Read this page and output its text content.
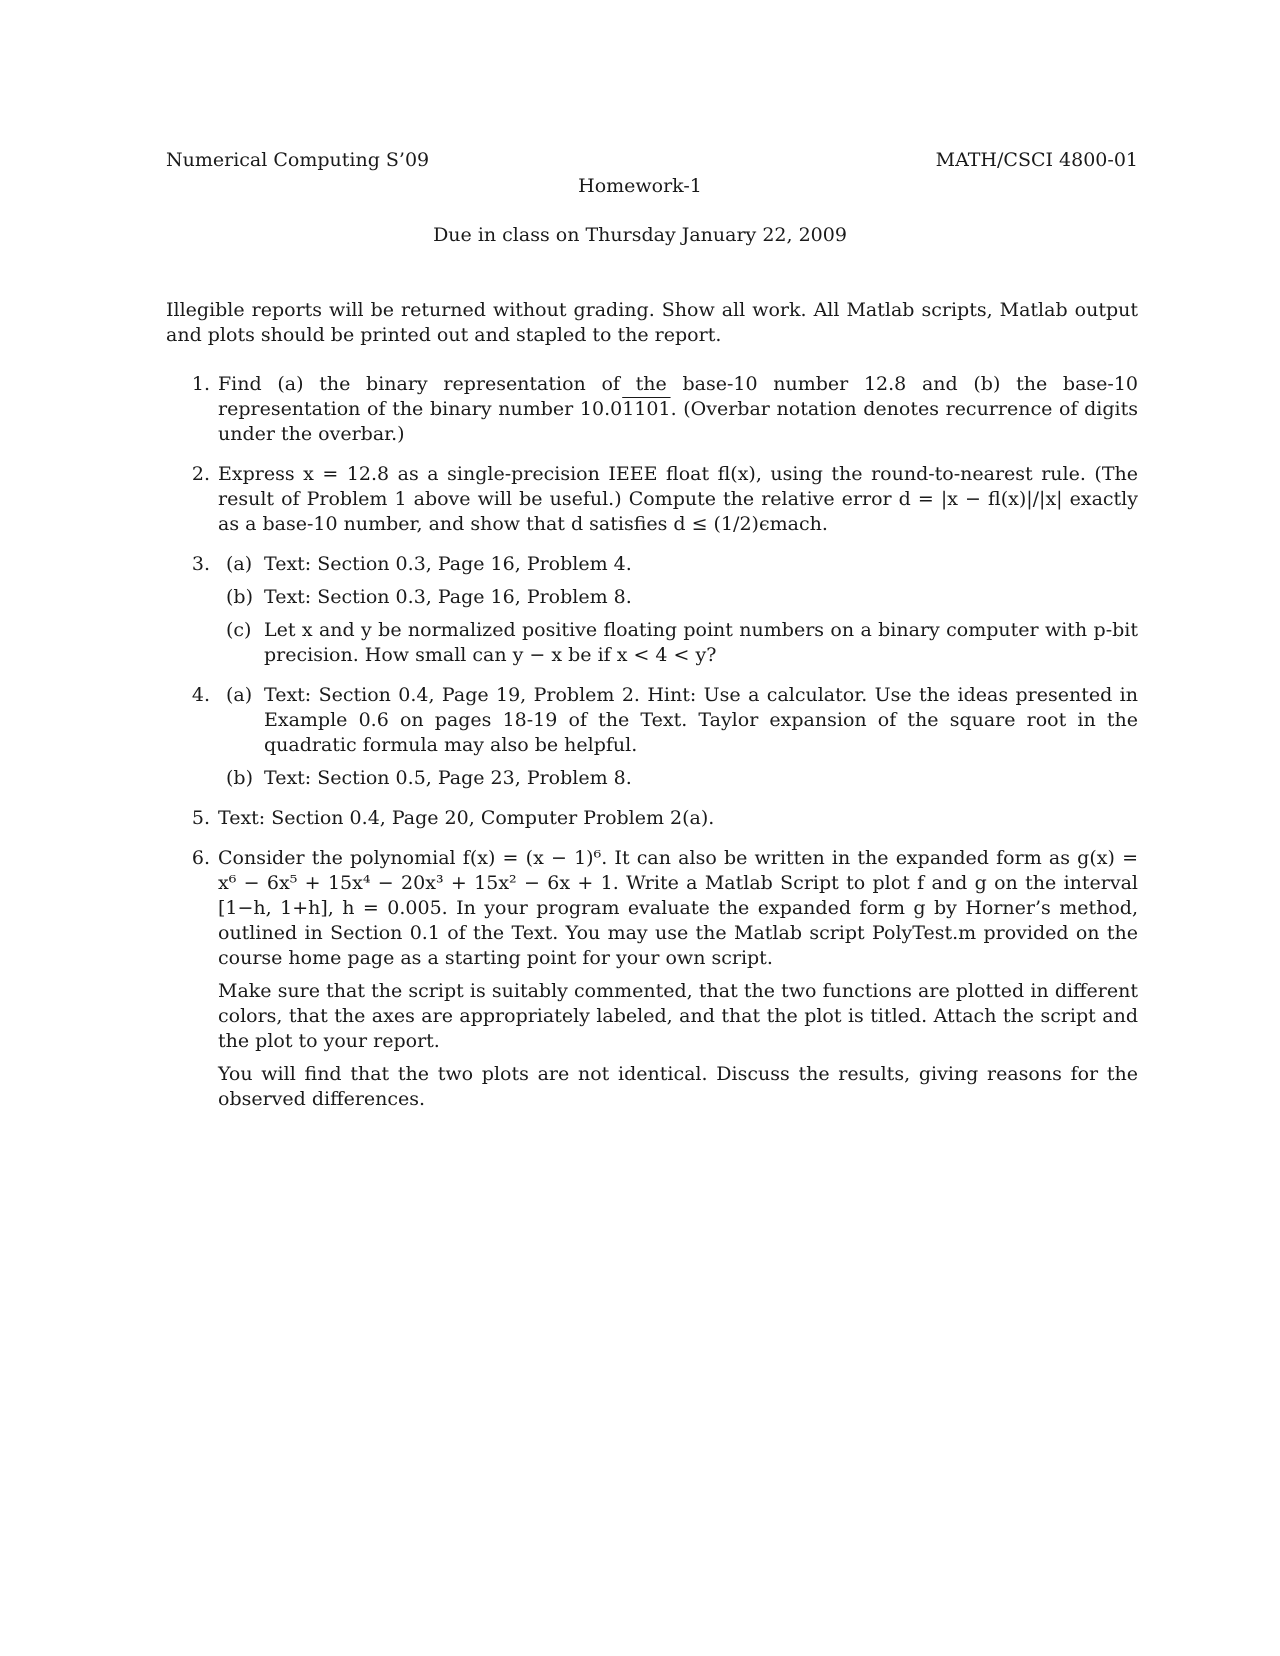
Numerical Computing S’09	MATH/CSCI 4800-01
Homework-1
Due in class on Thursday January 22, 2009
Illegible reports will be returned without grading. Show all work. All Matlab scripts, Matlab output and plots should be printed out and stapled to the report.
1. Find (a) the binary representation of the base-10 number 12.8 and (b) the base-10 representation of the binary number 10.01101. (Overbar notation denotes recurrence of digits under the overbar.)
2. Express x = 12.8 as a single-precision IEEE float fl(x), using the round-to-nearest rule. (The result of Problem 1 above will be useful.) Compute the relative error d = |x − fl(x)|/|x| exactly as a base-10 number, and show that d satisfies d ≤ (1/2)ϵmach.
3. (a) Text: Section 0.3, Page 16, Problem 4.
(b) Text: Section 0.3, Page 16, Problem 8.
(c) Let x and y be normalized positive floating point numbers on a binary computer with p-bit precision. How small can y − x be if x < 4 < y?
4. (a) Text: Section 0.4, Page 19, Problem 2. Hint: Use a calculator. Use the ideas presented in Example 0.6 on pages 18-19 of the Text. Taylor expansion of the square root in the quadratic formula may also be helpful.
(b) Text: Section 0.5, Page 23, Problem 8.
5. Text: Section 0.4, Page 20, Computer Problem 2(a).
6. Consider the polynomial f(x) = (x − 1)⁶. It can also be written in the expanded form as g(x) = x⁶ − 6x⁵ + 15x⁴ − 20x³ + 15x² − 6x + 1. Write a Matlab Script to plot f and g on the interval [1−h, 1+h], h = 0.005. In your program evaluate the expanded form g by Horner’s method, outlined in Section 0.1 of the Text. You may use the Matlab script PolyTest.m provided on the course home page as a starting point for your own script.
Make sure that the script is suitably commented, that the two functions are plotted in different colors, that the axes are appropriately labeled, and that the plot is titled. Attach the script and the plot to your report.
You will find that the two plots are not identical. Discuss the results, giving reasons for the observed differences.
